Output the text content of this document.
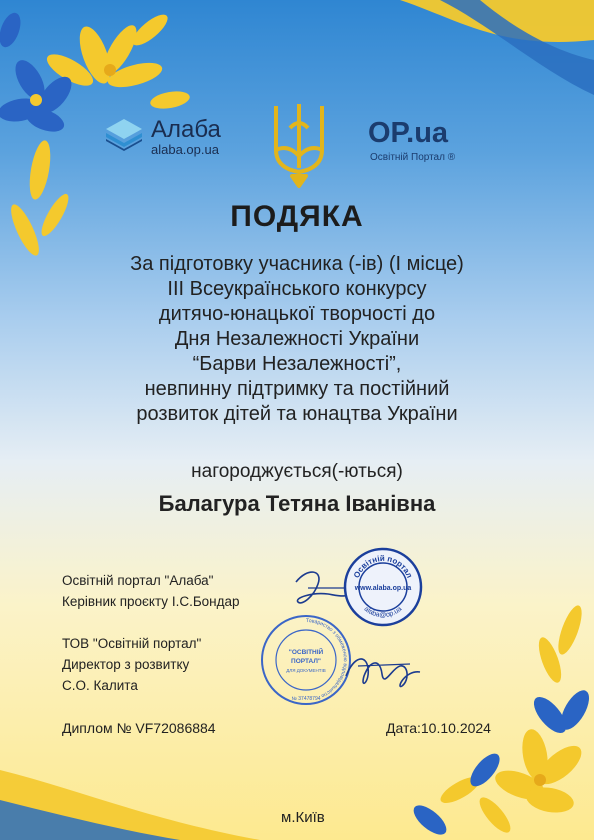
Алаба
alaba.op.ua
OP.ua
Освітній Портал ®
ПОДЯКА
За підготовку учасника (-ів) (І місце)
ІІІ Всеукраїнського конкурсу
дитячо-юнацької творчості до
Дня Незалежності України
“Барви Незалежності”,
невпинну підтримку та постійний
розвиток дітей та юнацтва України
нагороджується(-ються)
Балагура Тетяна Іванівна
Освітній портал "Алаба"
Керівник проєкту І.С.Бондар
Освітній портал
www.alaba.op.ua
alaba@op.ua
ТОВ "Освітній портал"
Директор з розвитку
С.О. Калита
Товариство з обмеженою відповідальністю
"ОСВІТНІЙ
ПОРТАЛ"
ДЛЯ ДОКУМЕНТІВ
№ 37478794
Диплом № VF72086884	Дата:10.10.2024
м.Київ
